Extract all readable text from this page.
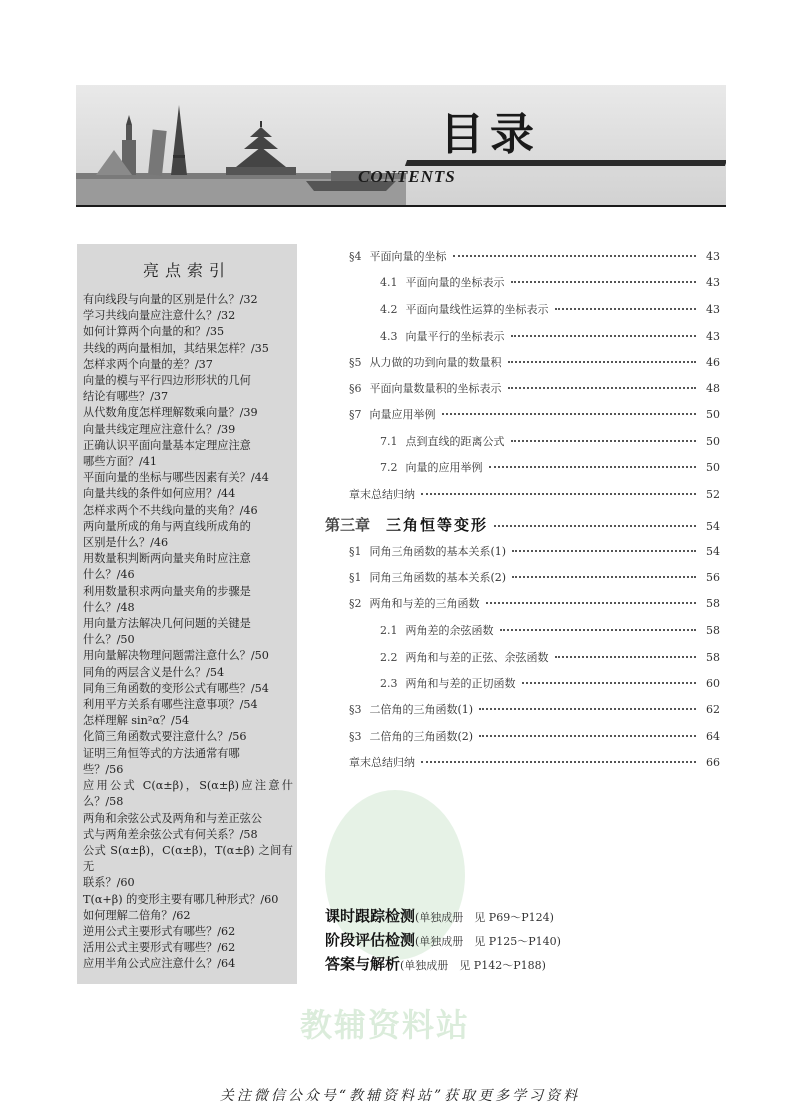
目录
CONTENTS
亮点索引
有向线段与向量的区别是什么？/32
学习共线向量应注意什么？/32
如何计算两个向量的和？/35
共线的两向量相加，其结果怎样？/35
怎样求两个向量的差？/37
向量的模与平行四边形形状的几何
结论有哪些？/37
从代数角度怎样理解数乘向量？/39
向量共线定理应注意什么？/39
正确认识平面向量基本定理应注意
哪些方面？/41
平面向量的坐标与哪些因素有关？/44
向量共线的条件如何应用？/44
怎样求两个不共线向量的夹角？/46
两向量所成的角与两直线所成角的
区别是什么？/46
用数量积判断两向量夹角时应注意
什么？/46
利用数量积求两向量夹角的步骤是
什么？/48
用向量方法解决几何问题的关键是
什么？/50
用向量解决物理问题需注意什么？/50
同角的两层含义是什么？/54
同角三角函数的变形公式有哪些？/54
利用平方关系有哪些注意事项？/54
怎样理解 sin²α？/54
化简三角函数式要注意什么？/56
证明三角恒等式的方法通常有哪
些？/56
应用公式 C(α±β)，S(α±β)应注意什么？/58
两角和余弦公式及两角和与差正弦公
式与两角差余弦公式有何关系？/58
公式 S(α±β)，C(α±β)，T(α±β) 之间有无
联系？/60
T(α+β) 的变形主要有哪几种形式？/60
如何理解二倍角？/62
逆用公式主要形式有哪些？/62
活用公式主要形式有哪些？/62
应用半角公式应注意什么？/64
§4 平面向量的坐标	43
4.1 平面向量的坐标表示	43
4.2 平面向量线性运算的坐标表示	43
4.3 向量平行的坐标表示	43
§5 从力做的功到向量的数量积	46
§6 平面向量数量积的坐标表示	48
§7 向量应用举例	50
7.1 点到直线的距离公式	50
7.2 向量的应用举例	50
章末总结归纳	52
第三章 三角恒等变形	54
§1 同角三角函数的基本关系(1)	54
§1 同角三角函数的基本关系(2)	56
§2 两角和与差的三角函数	58
2.1 两角差的余弦函数	58
2.2 两角和与差的正弦、余弦函数	58
2.3 两角和与差的正切函数	60
§3 二倍角的三角函数(1)	62
§3 二倍角的三角函数(2)	64
章末总结归纳	66
教辅资料站
课时跟踪检测(单独成册　见 P69～P124)
阶段评估检测(单独成册　见 P125～P140)
答案与解析(单独成册　见 P142～P188)
关注微信公众号“教辅资料站”获取更多学习资料
